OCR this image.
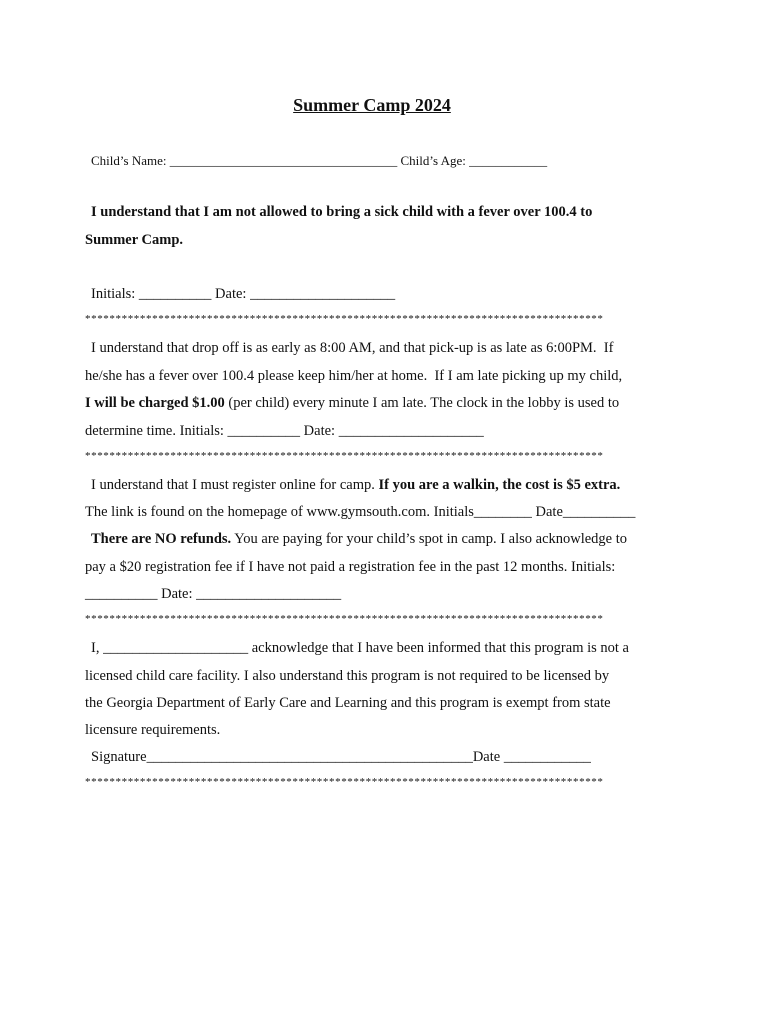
Summer Camp 2024
Child’s Name: ___________________________________ Child’s Age: ____________
I understand that I am not allowed to bring a sick child with a fever over 100.4 to
Summer Camp.
Initials: __________ Date: ____________________
*************************************************************************************
I understand that drop off is as early as 8:00 AM, and that pick-up is as late as 6:00PM.  If
he/she has a fever over 100.4 please keep him/her at home.  If I am late picking up my child,
I will be charged $1.00 (per child) every minute I am late. The clock in the lobby is used to
determine time. Initials: __________ Date: ____________________
*************************************************************************************
I understand that I must register online for camp. If you are a walkin, the cost is $5 extra.
The link is found on the homepage of www.gymsouth.com. Initials________ Date__________
There are NO refunds. You are paying for your child’s spot in camp. I also acknowledge to
pay a $20 registration fee if I have not paid a registration fee in the past 12 months. Initials:
__________ Date: ____________________
*************************************************************************************
I, ____________________ acknowledge that I have been informed that this program is not a
licensed child care facility. I also understand this program is not required to be licensed by
the Georgia Department of Early Care and Learning and this program is exempt from state
licensure requirements.
Signature_____________________________________________Date ____________
*************************************************************************************
